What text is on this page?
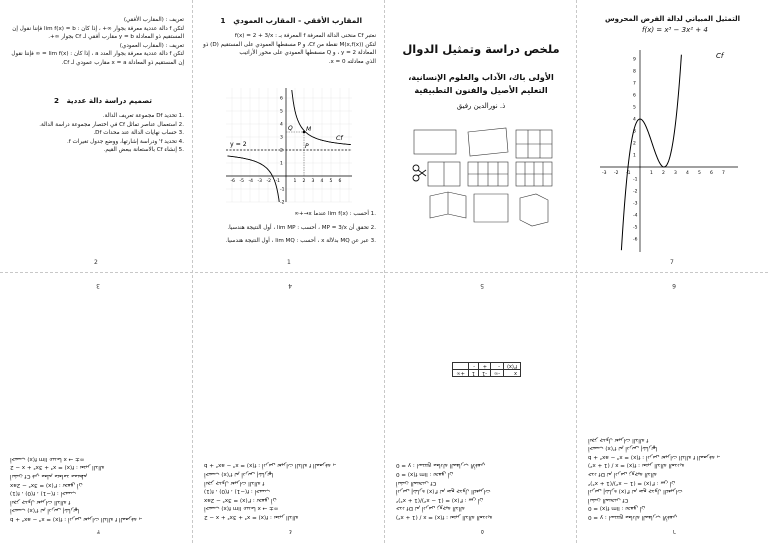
التمثيل المبياني لدالة الفرض المحروس
f(x) = x³ − 3x² + 4
-3 -2 -1	1 2 3 4 5 6 7
-6
-5
-4
-3
-2
-1
1
2
3
4
5
6
7
8
9	Cf
7
ملخص دراسة وتمثيل الدوال
الأولى باك، الآداب والعلوم الإنسانية،
التعليم الأصيل والفنون التطبيقية
ذ. نورالدين رفيق
المقارب الأفقي - المقارب العمودي   1
نعتبر Cf منحنى الدالة المعرفة f المعرفة بـ : f(x) = 2 + 3/x
لتكن M(x,f(x)) نقطة من Cf، و P مسقطها العمودي على المستقيم (D) ذو المعادلة y = 2 ، و Q مسقطها العمودي على محور الأراتيب
الذي معادلته x = 0.
M
P
Q
y = 2
Cf
-6 -5 -4 -3 -2 -1	1 2 3 4 5 6
-2
-1
1
2
3
4
5
6
.1 أحسب : lim f(x) عندما x→+∞
.2 تحقق أن MP = 3/x ، أحسب : lim MP ، أول النتيجة هندسيا.
.3 عبر عن MQ بدلالة x ، أحسب : lim MQ ، أول النتيجة هندسيا.
1
تعريف : (المقارب الأفقي)
لتكن f دالة عددية معرفة بجوار ∞+ ، إذا كان : lim f(x) = b فإننا نقول إن المستقيم ذو المعادلة y = b مقارب أفقي لـ Cf بجوار ∞+.
تعريف : (المقارب العمودي)
لتكن f دالة عددية معرفة بجوار العدد a ، إذا كان : lim f(x) = ∞ فإننا نقول إن المستقيم ذو المعادلة x = a مقارب عمودي لـ Cf.
تصميم دراسة دالة عددية   2
.1 تحديد Df مجموعة تعريف الدالة.
.2 استعمال عناصر تماثل Cf في اختصار مجموعة دراسة الدالة.
.3 حساب نهايات الدالة عند محدات Df.
.4 تحديد f' ودراسة إشارتها، ووضع جدول تغيرات f.
.5 إنشاء Cf بالاستعانة ببعض القيم.
2
۳
f(x) = x³ − ax² + b : أدرس تغيرات الدالة f المعرفة بـ
أحسب (x)'f ثم أدرس إشارتها
أنجز جدول تغيرات الدالة f
f(−1) ، f(0) ، f(1) : أحسب
f'(x) = 3x² − 2ax : تحقق أن
أنشئ Cf في معلم متعامد ممنظم
f(x) = x³ + 3x² + x − 2 : نعتبر الدالة
أحسب (x)lim f عندما x → ±∞
3
٤
f(x) = x³ + 3x² + x − 2 : نعتبر الدالة
أحسب (x)lim f عندما x → ±∞
f'(x) = 3x² − 2ax : تحقق أن
f(−1) ، f(0) ، f(1) : أحسب
أنجز جدول تغيرات الدالة f
أحسب (x)'f ثم أدرس إشارتها
f(x) = x³ − ax² + b : أدرس تغيرات الدالة f المعرفة بـ
4
٥
f(x) = x / (1 + x²) : نعتبر الدالة العددية
حدد Df ثم أدرس زوجية الدالة
f'(x) = (1 − x²)/(1 + x²)² : بين أن
أدرس إشارة (x)'f ثم ضع جدول التغيرات
أنشئ المنحنى Cf
lim f(x) = 0 : تحقق أن
y = 0 : استنتج معادلة المقارب الأفقي
x	-∞	-1	1	+∞
f'(x)	-	+	-	
5
٦
y = 0 : استنتج معادلة المقارب الأفقي
lim f(x) = 0 : تحقق أن
أنشئ المنحنى Cf
أدرس إشارة (x)'f ثم ضع جدول التغيرات
f'(x) = (1 − x²)/(1 + x²)² : بين أن
حدد Df ثم أدرس زوجية الدالة
f(x) = x / (1 + x²) : نعتبر الدالة العددية
f(x) = x³ − ax² + b : أدرس تغيرات الدالة f المعرفة بـ
أحسب (x)'f ثم أدرس إشارتها
أنجز جدول تغيرات الدالة f
6
